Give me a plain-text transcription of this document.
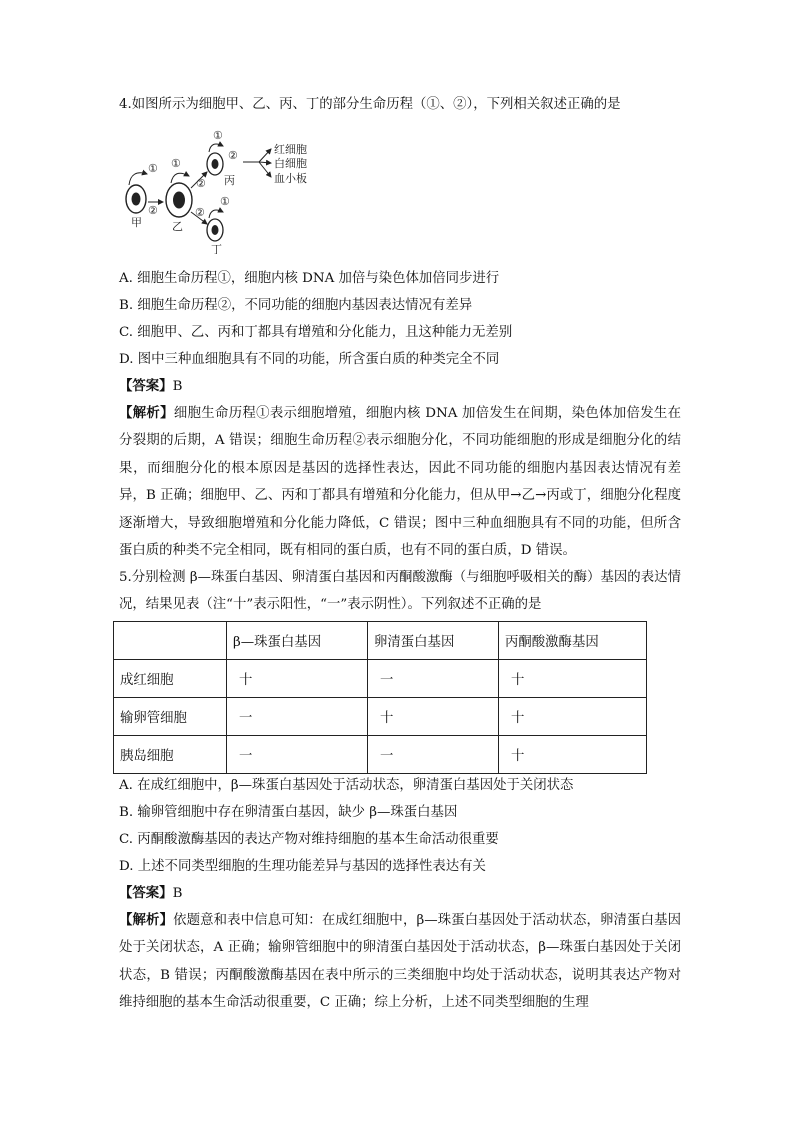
4.如图所示为细胞甲、乙、丙、丁的部分生命历程（①、②），下列相关叙述正确的是
①
甲
②
①
乙
②
②
①
丙
②	红细胞
白细胞
血小板
①
丁
A. 细胞生命历程①，细胞内核 DNA 加倍与染色体加倍同步进行
B. 细胞生命历程②，不同功能的细胞内基因表达情况有差异
C. 细胞甲、乙、丙和丁都具有增殖和分化能力，且这种能力无差别
D. 图中三种血细胞具有不同的功能，所含蛋白质的种类完全不同
【答案】B
【解析】细胞生命历程①表示细胞增殖，细胞内核 DNA 加倍发生在间期，染色体加倍发生在分裂期的后期，A 错误；细胞生命历程②表示细胞分化，不同功能细胞的形成是细胞分化的结果，而细胞分化的根本原因是基因的选择性表达，因此不同功能的细胞内基因表达情况有差异，B 正确；细胞甲、乙、丙和丁都具有增殖和分化能力，但从甲→乙→丙或丁，细胞分化程度逐渐增大，导致细胞增殖和分化能力降低，C 错误；图中三种血细胞具有不同的功能，但所含蛋白质的种类不完全相同，既有相同的蛋白质，也有不同的蛋白质，D 错误。
5.分别检测 β—珠蛋白基因、卵清蛋白基因和丙酮酸激酶（与细胞呼吸相关的酶）基因的表达情况，结果见表（注“十”表示阳性，“一”表示阴性）。下列叙述不正确的是
	β—珠蛋白基因	卵清蛋白基因	丙酮酸激酶基因
成红细胞	十	一	十
输卵管细胞	一	十	十
胰岛细胞	一	一	十
A. 在成红细胞中，β—珠蛋白基因处于活动状态，卵清蛋白基因处于关闭状态
B. 输卵管细胞中存在卵清蛋白基因，缺少 β—珠蛋白基因
C. 丙酮酸激酶基因的表达产物对维持细胞的基本生命活动很重要
D. 上述不同类型细胞的生理功能差异与基因的选择性表达有关
【答案】B
【解析】依题意和表中信息可知：在成红细胞中，β—珠蛋白基因处于活动状态，卵清蛋白基因处于关闭状态，A 正确；输卵管细胞中的卵清蛋白基因处于活动状态，β—珠蛋白基因处于关闭状态，B 错误；丙酮酸激酶基因在表中所示的三类细胞中均处于活动状态，说明其表达产物对维持细胞的基本生命活动很重要，C 正确；综上分析，上述不同类型细胞的生理
